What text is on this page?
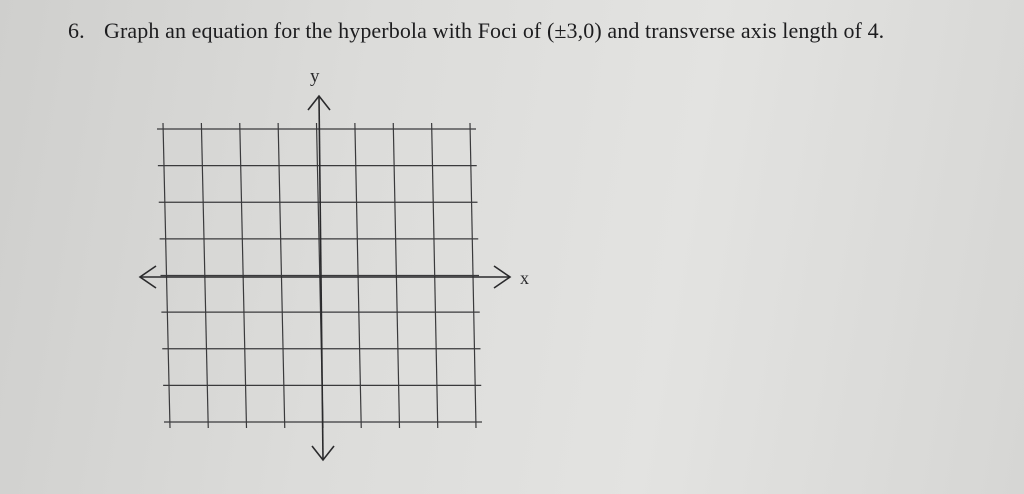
6. Graph an equation for the hyperbola with Foci of (±3,0) and transverse axis length of 4.
y
x
